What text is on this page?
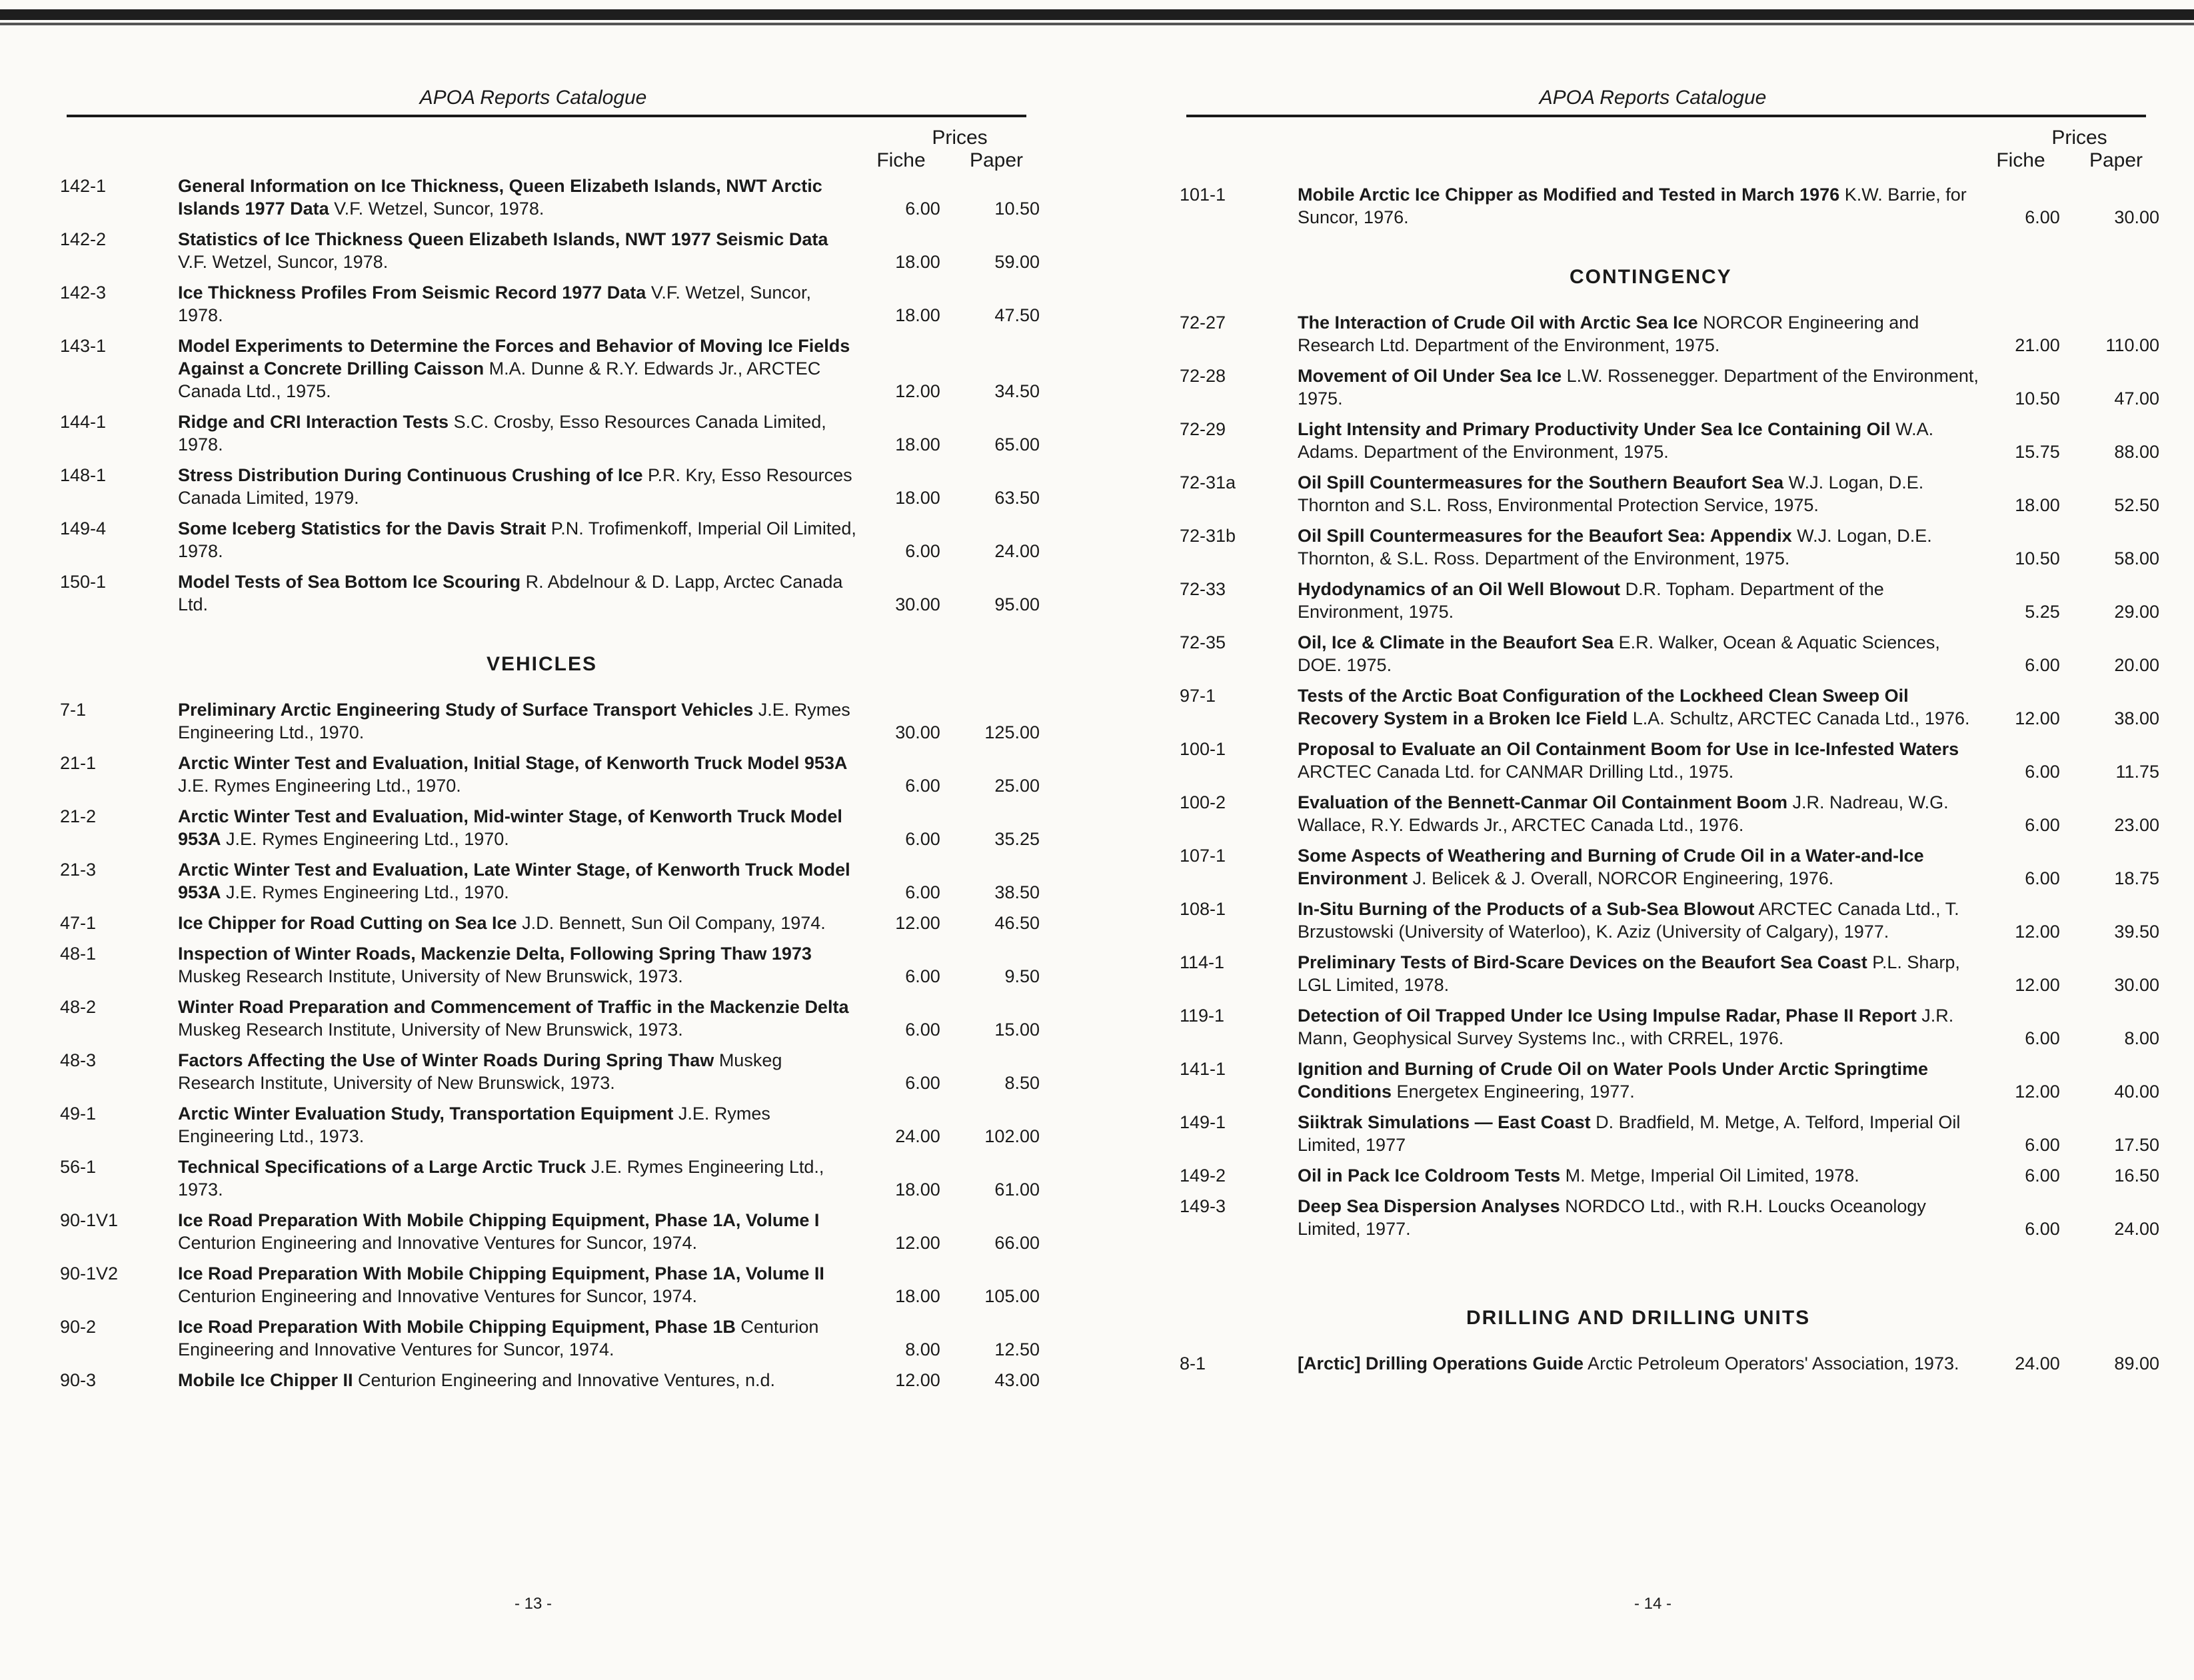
APOA Reports Catalogue
Prices
Fiche	Paper
142-1	General Information on Ice Thickness, Queen Elizabeth Islands, NWT Arctic Islands 1977 Data V.F. Wetzel, Suncor, 1978.	6.00	10.50
142-2	Statistics of Ice Thickness Queen Elizabeth Islands, NWT 1977 Seismic Data V.F. Wetzel, Suncor, 1978.	18.00	59.00
142-3	Ice Thickness Profiles From Seismic Record 1977 Data V.F. Wetzel, Suncor, 1978.	18.00	47.50
143-1	Model Experiments to Determine the Forces and Behavior of Moving Ice Fields Against a Concrete Drilling Caisson M.A. Dunne & R.Y. Edwards Jr., ARCTEC Canada Ltd., 1975.	12.00	34.50
144-1	Ridge and CRI Interaction Tests S.C. Crosby, Esso Resources Canada Limited, 1978.	18.00	65.00
148-1	Stress Distribution During Continuous Crushing of Ice P.R. Kry, Esso Resources Canada Limited, 1979.	18.00	63.50
149-4	Some Iceberg Statistics for the Davis Strait P.N. Trofimenkoff, Imperial Oil Limited, 1978.	6.00	24.00
150-1	Model Tests of Sea Bottom Ice Scouring R. Abdelnour & D. Lapp, Arctec Canada Ltd.	30.00	95.00
VEHICLES
7-1	Preliminary Arctic Engineering Study of Surface Transport Vehicles J.E. Rymes Engineering Ltd., 1970.	30.00	125.00
21-1	Arctic Winter Test and Evaluation, Initial Stage, of Kenworth Truck Model 953A J.E. Rymes Engineering Ltd., 1970.	6.00	25.00
21-2	Arctic Winter Test and Evaluation, Mid-winter Stage, of Kenworth Truck Model 953A J.E. Rymes Engineering Ltd., 1970.	6.00	35.25
21-3	Arctic Winter Test and Evaluation, Late Winter Stage, of Kenworth Truck Model 953A J.E. Rymes Engineering Ltd., 1970.	6.00	38.50
47-1	Ice Chipper for Road Cutting on Sea Ice J.D. Bennett, Sun Oil Company, 1974.	12.00	46.50
48-1	Inspection of Winter Roads, Mackenzie Delta, Following Spring Thaw 1973 Muskeg Research Institute, University of New Brunswick, 1973.	6.00	9.50
48-2	Winter Road Preparation and Commencement of Traffic in the Mackenzie Delta Muskeg Research Institute, University of New Brunswick, 1973.	6.00	15.00
48-3	Factors Affecting the Use of Winter Roads During Spring Thaw Muskeg Research Institute, University of New Brunswick, 1973.	6.00	8.50
49-1	Arctic Winter Evaluation Study, Transportation Equipment J.E. Rymes Engineering Ltd., 1973.	24.00	102.00
56-1	Technical Specifications of a Large Arctic Truck J.E. Rymes Engineering Ltd., 1973.	18.00	61.00
90-1V1	Ice Road Preparation With Mobile Chipping Equipment, Phase 1A, Volume I Centurion Engineering and Innovative Ventures for Suncor, 1974.	12.00	66.00
90-1V2	Ice Road Preparation With Mobile Chipping Equipment, Phase 1A, Volume II Centurion Engineering and Innovative Ventures for Suncor, 1974.	18.00	105.00
90-2	Ice Road Preparation With Mobile Chipping Equipment, Phase 1B Centurion Engineering and Innovative Ventures for Suncor, 1974.	8.00	12.50
90-3	Mobile Ice Chipper II Centurion Engineering and Innovative Ventures, n.d.	12.00	43.00
- 13 -
APOA Reports Catalogue
Prices
Fiche	Paper
101-1	Mobile Arctic Ice Chipper as Modified and Tested in March 1976 K.W. Barrie, for Suncor, 1976.	6.00	30.00
CONTINGENCY
72-27	The Interaction of Crude Oil with Arctic Sea Ice NORCOR Engineering and Research Ltd. Department of the Environment, 1975.	21.00	110.00
72-28	Movement of Oil Under Sea Ice L.W. Rossenegger. Department of the Environment, 1975.	10.50	47.00
72-29	Light Intensity and Primary Productivity Under Sea Ice Containing Oil W.A. Adams. Department of the Environment, 1975.	15.75	88.00
72-31a	Oil Spill Countermeasures for the Southern Beaufort Sea W.J. Logan, D.E. Thornton and S.L. Ross, Environmental Protection Service, 1975.	18.00	52.50
72-31b	Oil Spill Countermeasures for the Beaufort Sea: Appendix W.J. Logan, D.E. Thornton, & S.L. Ross. Department of the Environment, 1975.	10.50	58.00
72-33	Hydodynamics of an Oil Well Blowout D.R. Topham. Department of the Environment, 1975.	5.25	29.00
72-35	Oil, Ice & Climate in the Beaufort Sea E.R. Walker, Ocean & Aquatic Sciences, DOE. 1975.	6.00	20.00
97-1	Tests of the Arctic Boat Configuration of the Lockheed Clean Sweep Oil Recovery System in a Broken Ice Field L.A. Schultz, ARCTEC Canada Ltd., 1976.	12.00	38.00
100-1	Proposal to Evaluate an Oil Containment Boom for Use in Ice-Infested Waters ARCTEC Canada Ltd. for CANMAR Drilling Ltd., 1975.	6.00	11.75
100-2	Evaluation of the Bennett-Canmar Oil Containment Boom J.R. Nadreau, W.G. Wallace, R.Y. Edwards Jr., ARCTEC Canada Ltd., 1976.	6.00	23.00
107-1	Some Aspects of Weathering and Burning of Crude Oil in a Water-and-Ice Environment J. Belicek & J. Overall, NORCOR Engineering, 1976.	6.00	18.75
108-1	In-Situ Burning of the Products of a Sub-Sea Blowout ARCTEC Canada Ltd., T. Brzustowski (University of Waterloo), K. Aziz (University of Calgary), 1977.	12.00	39.50
114-1	Preliminary Tests of Bird-Scare Devices on the Beaufort Sea Coast P.L. Sharp, LGL Limited, 1978.	12.00	30.00
119-1	Detection of Oil Trapped Under Ice Using Impulse Radar, Phase II Report J.R. Mann, Geophysical Survey Systems Inc., with CRREL, 1976.	6.00	8.00
141-1	Ignition and Burning of Crude Oil on Water Pools Under Arctic Springtime Conditions Energetex Engineering, 1977.	12.00	40.00
149-1	Siiktrak Simulations — East Coast D. Bradfield, M. Metge, A. Telford, Imperial Oil Limited, 1977	6.00	17.50
149-2	Oil in Pack Ice Coldroom Tests M. Metge, Imperial Oil Limited, 1978.	6.00	16.50
149-3	Deep Sea Dispersion Analyses NORDCO Ltd., with R.H. Loucks Oceanology Limited, 1977.	6.00	24.00
DRILLING AND DRILLING UNITS
8-1	[Arctic] Drilling Operations Guide Arctic Petroleum Operators' Association, 1973.	24.00	89.00
- 14 -
